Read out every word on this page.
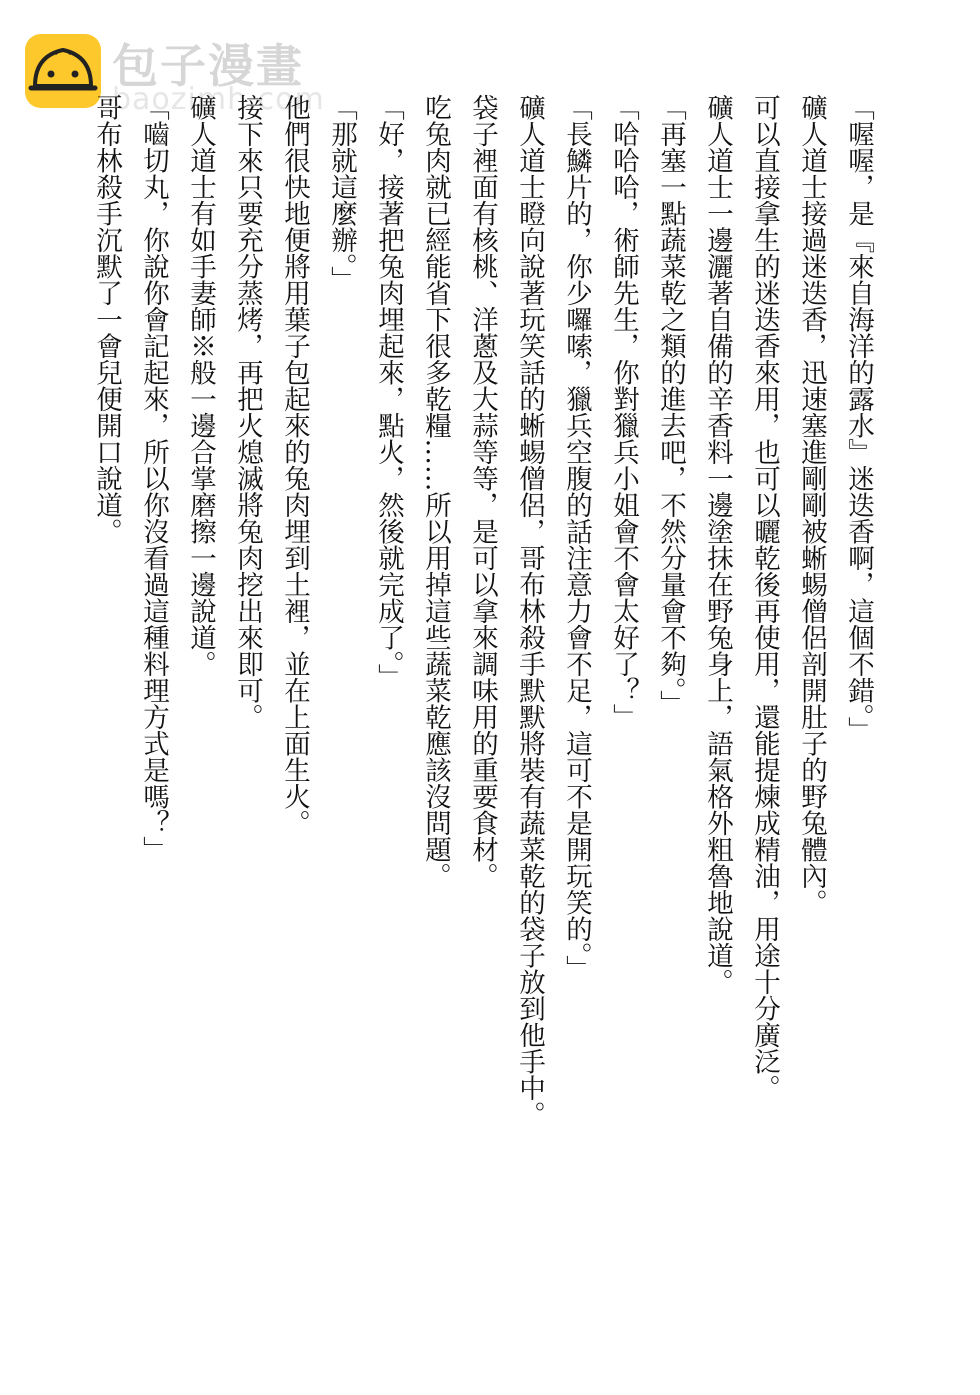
包子漫畫
baozimh.com	「喔喔，是『來自海洋的露水』迷迭香啊，這個不錯。」

礦人道士接過迷迭香，迅速塞進剛剛被蜥蜴僧侶剖開肚子的野兔體內。

可以直接拿生的迷迭香來用，也可以曬乾後再使用，還能提煉成精油，用途十分廣泛。

礦人道士一邊灑著自備的辛香料一邊塗抹在野兔身上，語氣格外粗魯地說道。

「再塞一點蔬菜乾之類的進去吧，不然分量會不夠。」

「哈哈哈，術師先生，你對獵兵小姐會不會太好了？」

「長鱗片的，你少囉嗦，獵兵空腹的話注意力會不足，這可不是開玩笑的。」

礦人道士瞪向說著玩笑話的蜥蜴僧侶，哥布林殺手默默將裝有蔬菜乾的袋子放到他手中。

袋子裡面有核桃、洋蔥及大蒜等等，是可以拿來調味用的重要食材。

吃兔肉就已經能省下很多乾糧……所以用掉這些蔬菜乾應該沒問題。

「好，接著把兔肉埋起來，點火，然後就完成了。」

「那就這麼辦。」

他們很快地便將用葉子包起來的兔肉埋到土裡，並在上面生火。

接下來只要充分蒸烤，再把火熄滅將兔肉挖出來即可。

礦人道士有如手妻師※般一邊合掌磨擦一邊說道。

「嚙切丸，你說你會記起來，所以你沒看過這種料理方式是嗎？」

哥布林殺手沉默了一會兒便開口說道。
